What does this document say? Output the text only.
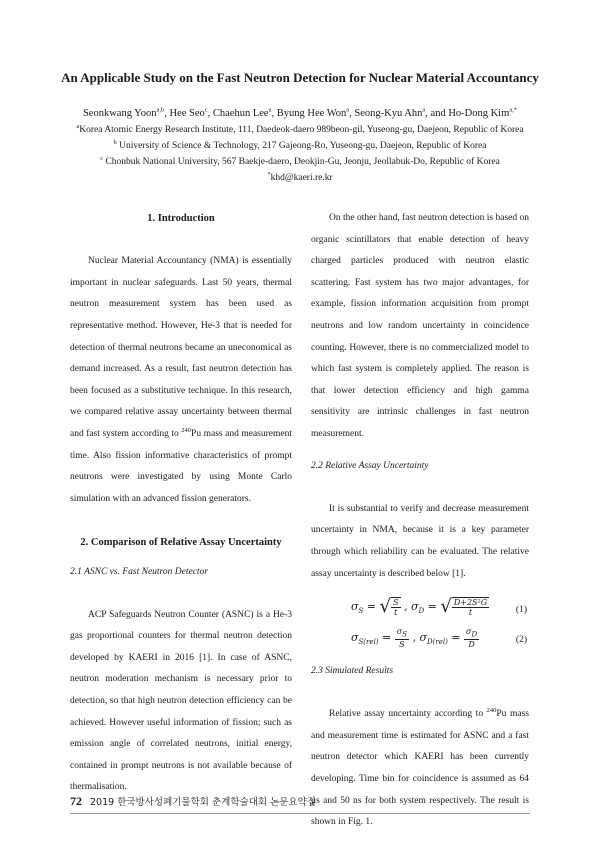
An Applicable Study on the Fast Neutron Detection for Nuclear Material Accountancy
Seonkwang Yoon$^{a,b}$, Hee Seo$^c$, Chaehun Lee$^a$, Byung Hee Won$^a$, Seong-Kyu Ahn$^a$, and Ho-Dong Kim$^{a,*}$
$^a$Korea Atomic Energy Research Institute, 111, Daedeok-daero 989beon-gil, Yuseong-gu, Daejeon, Republic of Korea
$^b$ University of Science & Technology, 217 Gajeong-Ro, Yuseong-gu, Daejeon, Republic of Korea
$^c$ Chonbuk National University, 567 Baekje-daero, Deokjin-Gu, Jeonju, Jeollabuk-Do, Republic of Korea
*khd@kaeri.re.kr

1. Introduction

Nuclear Material Accountancy (NMA) is essentially important in nuclear safeguards. Last 50 years, thermal neutron measurement system has been used as representative method. However, He-3 that is needed for detection of thermal neutrons became an uneconomical as demand increased. As a result, fast neutron detection has been focused as a substitutive technique. In this research, we compared relative assay uncertainty between thermal and fast system according to $^{240}$Pu mass and measurement time. Also fission informative characteristics of prompt neutrons were investigated by using Monte Carlo simulation with an advanced fission generators.

2. Comparison of Relative Assay Uncertainty

2.1 ASNC vs. Fast Neutron Detector

ACP Safeguards Neutron Counter (ASNC) is a He-3 gas proportional counters for thermal neutron detection developed by KAERI in 2016 [1]. In case of ASNC, neutron moderation mechanism is necessary prior to detection, so that high neutron detection efficiency can be achieved. However useful information of fission; such as emission angle of correlated neutrons, initial energy, contained in prompt neutrons is not available because of thermalisation.

On the other hand, fast neutron detection is based on organic scintillators that enable detection of heavy charged particles produced with neutron elastic scattering. Fast system has two major advantages, for example, fission information acquisition from prompt neutrons and low random uncertainty in coincidence counting. However, there is no commercialized model to which fast system is completely applied. The reason is that lower detection efficiency and high gamma sensitivity are intrinsic challenges in fast neutron measurement.

2.2 Relative Assay Uncertainty

It is substantial to verify and decrease measurement uncertainty in NMA, because it is a key parameter through which reliability can be evaluated. The relative assay uncertainty is described below [1].

$\sigma_S$ = √ $\frac{S}{t}$ , $\sigma_D$ = √ $\frac{\text{D+2S²G}}{t}$	(1)
$\sigma_{S(rel)} = \frac{\sigma S}{S}$ , $\sigma_{D(rel)} = \frac{\sigma D}{D}$	(2)

2.3 Simulated Results

Relative assay uncertainty according to $^{240}$Pu mass and measurement time is estimated for ASNC and a fast neutron detector which KAERI has been currently developing. Time bin for coincidence is assumed as 64 μs and 50 ns for both system respectively. The result is shown in Fig. 1.

72 2019 한국방사성폐기물학회 춘계학술대회 논문요약집
